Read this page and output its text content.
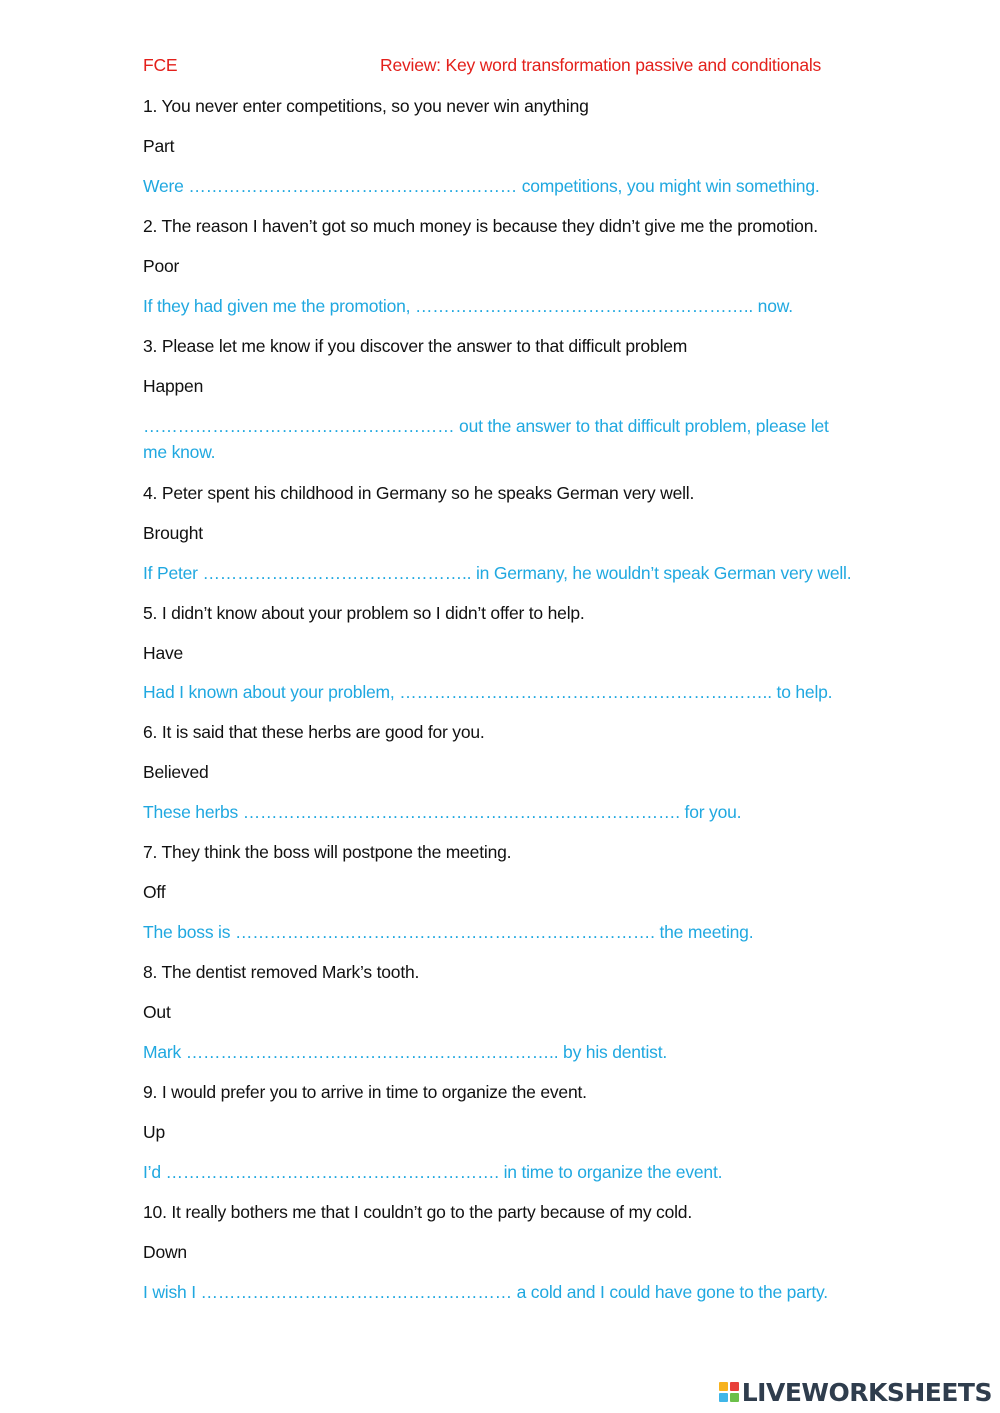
FCE	Review: Key word transformation passive and conditionals
1. You never enter competitions, so you never win anything
Part
Were ………………………………………………… competitions, you might win something.
2. The reason I haven’t got so much money is because they didn’t give me the promotion.
Poor
If they had given me the promotion, ………………………………………………….. now.
3. Please let me know if you discover the answer to that difficult problem
Happen
……………………………………………… out the answer to that difficult problem, please let me know.
4. Peter spent his childhood in Germany so he speaks German very well.
Brought
If Peter ……………………………………….. in Germany, he wouldn’t speak German very well.
5. I didn’t know about your problem so I didn’t offer to help.
Have
Had I known about your problem, ……………………………………………………….. to help.
6. It is said that these herbs are good for you.
Believed
These herbs …………………………………………………………………. for you.
7. They think the boss will postpone the meeting.
Off
The boss is ………………………………………………………………. the meeting.
8. The dentist removed Mark’s tooth.
Out
Mark ……………………………………………………….. by his dentist.
9. I would prefer you to arrive in time to organize the event.
Up
I’d …………………………………………………. in time to organize the event.
10. It really bothers me that I couldn’t go to the party because of my cold.
Down
I wish I ……………………………………………… a cold and I could have gone to the party.
LIVEWORKSHEETS
